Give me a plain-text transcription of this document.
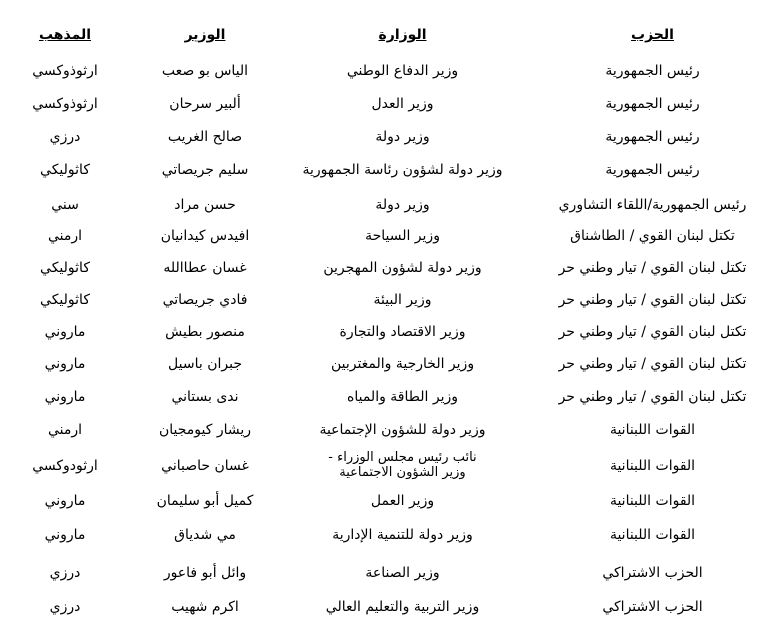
الحزب
الوزارة
الوزير
المذهب
رئيس الجمهورية
وزير الدفاع الوطني
الياس بو صعب
ارثوذوكسي
رئيس الجمهورية
وزير العدل
ألبير سرحان
ارثوذوكسي
رئيس الجمهورية
وزير دولة
صالح الغريب
درزي
رئيس الجمهورية
وزير دولة لشؤون رئاسة الجمهورية
سليم جريصاتي
كاثوليكي
رئيس الجمهورية/اللقاء التشاوري
وزير دولة
حسن مراد
سني
تكتل لبنان القوي / الطاشناق
وزير السياحة
افيدس كيدانيان
ارمني
تكتل لبنان القوي / تيار وطني حر
وزير دولة لشؤون المهجرين
غسان عطاالله
كاثوليكي
تكتل لبنان القوي / تيار وطني حر
وزير البيئة
فادي جريصاتي
كاثوليكي
تكتل لبنان القوي / تيار وطني حر
وزير الاقتصاد والتجارة
منصور بطيش
ماروني
تكتل لبنان القوي / تيار وطني حر
وزير الخارجية والمغتربين
جبران باسيل
ماروني
تكتل لبنان القوي / تيار وطني حر
وزير الطاقة والمياه
ندى بستاني
ماروني
القوات اللبنانية
وزير دولة للشؤون الإجتماعية
ريشار كيومجيان
ارمني
القوات اللبنانية
نائب رئيس مجلس الوزراء - وزير الشؤون الاجتماعية
غسان حاصباني
ارثودوكسي
القوات اللبنانية
وزير العمل
كميل أبو سليمان
ماروني
القوات اللبنانية
وزير دولة للتنمية الإدارية
مي شدياق
ماروني
الحزب الاشتراكي
وزير الصناعة
وائل أبو فاعور
درزي
الحزب الاشتراكي
وزير التربية والتعليم العالي
اكرم شهيب
درزي
